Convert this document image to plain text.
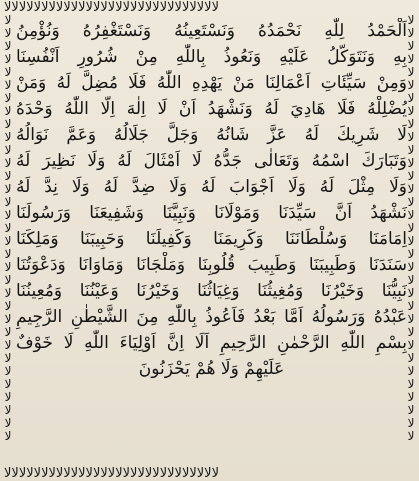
ﻻﻻﻻﻻﻻﻻﻻﻻﻻﻻﻻﻻﻻﻻﻻﻻﻻﻻﻻﻻﻻﻻﻻﻻﻻﻻﻻﻻﻻ
ﻻﻻﻻﻻﻻﻻﻻﻻﻻﻻﻻﻻﻻﻻﻻﻻﻻﻻﻻﻻﻻﻻﻻﻻﻻﻻﻻﻻﻻﻻﻻﻻﻻ
ﻻﻻﻻﻻﻻﻻﻻﻻﻻﻻﻻﻻﻻﻻﻻﻻﻻﻻﻻﻻﻻﻻﻻﻻﻻﻻﻻﻻﻻﻻﻻﻻﻻ
ﻻﻻﻻﻻﻻﻻﻻﻻﻻﻻﻻﻻﻻﻻﻻﻻﻻﻻﻻﻻﻻﻻﻻﻻﻻﻻﻻﻻﻻ
اَلْحَمْدُ لِلّٰهِ نَحْمَدُهُ وَنَسْتَعِينُهُ وَنَسْتَغْفِرُهُ وَنُؤْمِنُ
بِهِ وَنَتَوَكَّلُ عَلَيْهِ وَنَعُوذُ بِاللّٰهِ مِنْ شُرُورِ اَنْفُسِنَا
وَمِنْ سَيِّئَاتِ اَعْمَالِنَا مَنْ يَهْدِهِ اللّٰهُ فَلَا مُضِلَّ لَهُ وَمَنْ
يُضْلِلْهُ فَلَا هَادِيَ لَهُ وَنَشْهَدُ اَنْ لَا اِلٰهَ اِلَّا اللّٰهُ وَحْدَهُ
لَا شَرِيكَ لَهُ عَزَّ شَانُهُ وَجَلَّ جَلَالُهُ وَعَمَّ نَوَالُهُ
وَتَبَارَكَ اسْمُهُ وَتَعَالٰى جَدُّهُ لَا اَمْثَالَ لَهُ وَلَا نَظِيرَ لَهُ
وَلَا مِثْلَ لَهُ وَلَا اَجْوَابَ لَهُ وَلَا ضِدَّ لَهُ وَلَا نِدَّ لَهُ
نَشْهَدُ اَنَّ سَيِّدَنَا وَمَوْلَانَا وَنَبِيَّنَا وَشَفِيعَنَا وَرَسُولَنَا
اِمَامَنَا وَسُلْطَانَنَا وَكَرِيمَنَا وَكَفِيلَنَا وَحَبِيبَنَا وَمَلِكَنَا
سَنَدَنَا وَطَبِيبَنَا وَطَبِيبَ قُلُوبِنَا وَمَلْجَانَا وَمَاوَانَا وَدَعْوَتُنَا
نَبِيُّنَا وَخَيْرُنَا وَمُغِيثُنَا وَغِيَاثُنَا وَخَيْرُنَا وَعَيْنُنَا وَمُعِينُنَا
عَبْدُهُ وَرَسُولُهُ اَمَّا بَعْدُ فَاَعُوذُ بِاللّٰهِ مِنَ الشَّيْطٰنِ الرَّجِيمِ
بِسْمِ اللّٰهِ الرَّحْمٰنِ الرَّحِيمِ اَلَا اِنَّ اَوْلِيَاءَ اللّٰهِ لَا خَوْفٌ
عَلَيْهِمْ وَلَا هُمْ يَحْزَنُونَ
